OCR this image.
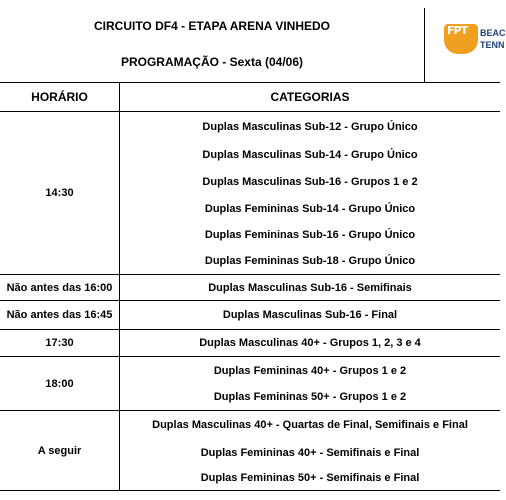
CIRCUITO DF4 - ETAPA ARENA VINHEDO
PROGRAMAÇÃO - Sexta (04/06)
FPT BEAC
TENN
HORÁRIO	CATEGORIAS
14:30
Não antes das 16:00
Não antes das 16:45
17:30
18:00
A seguir
Duplas Masculinas Sub-12 - Grupo Único
Duplas Masculinas Sub-14 - Grupo Único
Duplas Masculinas Sub-16 - Grupos 1 e 2
Duplas Femininas Sub-14 - Grupo Único
Duplas Femininas Sub-16 - Grupo Único
Duplas Femininas Sub-18 - Grupo Único
Duplas Masculinas Sub-16 - Semifinais
Duplas Masculinas Sub-16 - Final
Duplas Masculinas 40+ - Grupos 1, 2, 3 e 4
Duplas Femininas 40+ - Grupos 1 e 2
Duplas Femininas 50+ - Grupos 1 e 2
Duplas Masculinas 40+ - Quartas de Final, Semifinais e Final
Duplas Femininas 40+ - Semifinais e Final
Duplas Femininas 50+ - Semifinais e Final
